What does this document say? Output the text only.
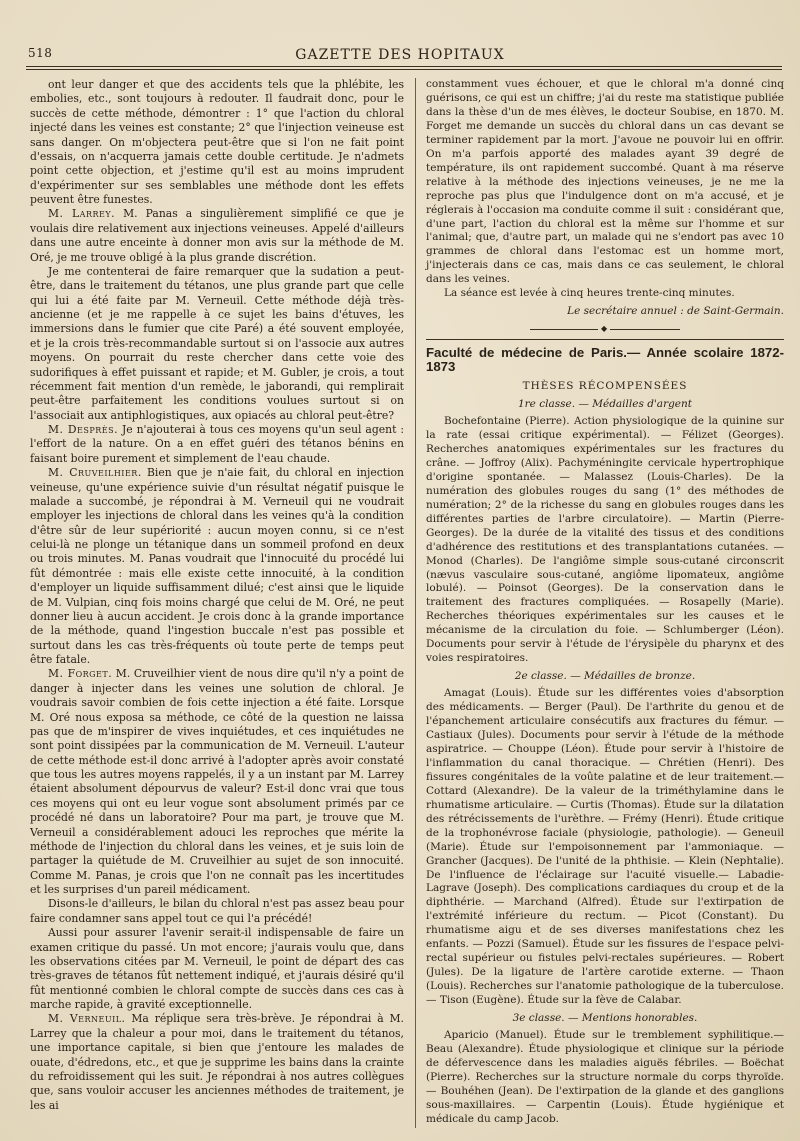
518	GAZETTE DES HOPITAUX

ont leur danger et que des accidents tels que la phlébite, les embolies, etc., sont toujours à redouter. Il faudrait donc, pour le succès de cette méthode, démontrer : 1° que l'action du chloral injecté dans les veines est constante; 2° que l'injection veineuse est sans danger. On m'objectera peut-être que si l'on ne fait point d'essais, on n'acquerra jamais cette double certitude. Je n'admets point cette objection, et j'estime qu'il est au moins imprudent d'expérimenter sur ses semblables une méthode dont les effets peuvent être funestes.

M. Larrey. M. Panas a singulièrement simplifié ce que je voulais dire relativement aux injections veineuses. Appelé d'ailleurs dans une autre enceinte à donner mon avis sur la méthode de M. Oré, je me trouve obligé à la plus grande discrétion.

Je me contenterai de faire remarquer que la sudation a peut-être, dans le traitement du tétanos, une plus grande part que celle qui lui a été faite par M. Verneuil. Cette méthode déjà très-ancienne (et je me rappelle à ce sujet les bains d'étuves, les immersions dans le fumier que cite Paré) a été souvent employée, et je la crois très-recommandable surtout si on l'associe aux autres moyens. On pourrait du reste chercher dans cette voie des sudorifiques à effet puissant et rapide; et M. Gubler, je crois, a tout récemment fait mention d'un remède, le jaborandi, qui remplirait peut-être parfaitement les conditions voulues surtout si on l'associait aux antiphlogistiques, aux opiacés au chloral peut-être?

M. Desprès. Je n'ajouterai à tous ces moyens qu'un seul agent : l'effort de la nature. On a en effet guéri des tétanos bénins en faisant boire purement et simplement de l'eau chaude.

M. Cruveilhier. Bien que je n'aie fait, du chloral en injection veineuse, qu'une expérience suivie d'un résultat négatif puisque le malade a succombé, je répondrai à M. Verneuil qui ne voudrait employer les injections de chloral dans les veines qu'à la condition d'être sûr de leur supériorité : aucun moyen connu, si ce n'est celui-là ne plonge un tétanique dans un sommeil profond en deux ou trois minutes. M. Panas voudrait que l'innocuité du procédé lui fût démontrée : mais elle existe cette innocuité, à la condition d'employer un liquide suffisamment dilué; c'est ainsi que le liquide de M. Vulpian, cinq fois moins chargé que celui de M. Oré, ne peut donner lieu à aucun accident. Je crois donc à la grande importance de la méthode, quand l'ingestion buccale n'est pas possible et surtout dans les cas très-fréquents où toute perte de temps peut être fatale.

M. Forget. M. Cruveilhier vient de nous dire qu'il n'y a point de danger à injecter dans les veines une solution de chloral. Je voudrais savoir combien de fois cette injection a été faite. Lorsque M. Oré nous exposa sa méthode, ce côté de la question ne laissa pas que de m'inspirer de vives inquiétudes, et ces inquiétudes ne sont point dissipées par la communication de M. Verneuil. L'auteur de cette méthode est-il donc arrivé à l'adopter après avoir constaté que tous les autres moyens rappelés, il y a un instant par M. Larrey étaient absolument dépourvus de valeur? Est-il donc vrai que tous ces moyens qui ont eu leur vogue sont absolument primés par ce procédé né dans un laboratoire? Pour ma part, je trouve que M. Verneuil a considérablement adouci les reproches que mérite la méthode de l'injection du chloral dans les veines, et je suis loin de partager la quiétude de M. Cruveilhier au sujet de son innocuité. Comme M. Panas, je crois que l'on ne connaît pas les incertitudes et les surprises d'un pareil médicament.

Disons-le d'ailleurs, le bilan du chloral n'est pas assez beau pour faire condamner sans appel tout ce qui l'a précédé!

Aussi pour assurer l'avenir serait-il indispensable de faire un examen critique du passé. Un mot encore; j'aurais voulu que, dans les observations citées par M. Verneuil, le point de départ des cas très-graves de tétanos fût nettement indiqué, et j'aurais désiré qu'il fût mentionné combien le chloral compte de succès dans ces cas à marche rapide, à gravité exceptionnelle.

M. Verneuil. Ma réplique sera très-brève. Je répondrai à M. Larrey que la chaleur a pour moi, dans le traitement du tétanos, une importance capitale, si bien que j'entoure les malades de ouate, d'édredons, etc., et que je supprime les bains dans la crainte du refroidissement qui les suit. Je répondrai à nos autres collègues que, sans vouloir accuser les anciennes méthodes de traitement, je les ai

constamment vues échouer, et que le chloral m'a donné cinq guérisons, ce qui est un chiffre; j'ai du reste ma statistique publiée dans la thèse d'un de mes élèves, le docteur Soubise, en 1870. M. Forget me demande un succès du chloral dans un cas devant se terminer rapidement par la mort. J'avoue ne pouvoir lui en offrir. On m'a parfois apporté des malades ayant 39 degré de température, ils ont rapidement succombé. Quant à ma réserve relative à la méthode des injections veineuses, je ne me la reproche pas plus que l'indulgence dont on m'a accusé, et je réglerais à l'occasion ma conduite comme il suit : considérant que, d'une part, l'action du chloral est la même sur l'homme et sur l'animal; que, d'autre part, un malade qui ne s'endort pas avec 10 grammes de chloral dans l'estomac est un homme mort, j'injecterais dans ce cas, mais dans ce cas seulement, le chloral dans les veines.

La séance est levée à cinq heures trente-cinq minutes.

Le secrétaire annuel : de Saint-Germain.
◆

Faculté de médecine de Paris.— Année scolaire 1872-1873

THÈSES RÉCOMPENSÉES

1re classe. — Médailles d'argent

Bochefontaine (Pierre). Action physiologique de la quinine sur la rate (essai critique expérimental). — Félizet (Georges). Recherches anatomiques expérimentales sur les fractures du crâne. — Joffroy (Alix). Pachyméningite cervicale hypertrophique d'origine spontanée. — Malassez (Louis-Charles). De la numération des globules rouges du sang (1° des méthodes de numération; 2° de la richesse du sang en globules rouges dans les différentes parties de l'arbre circulatoire). — Martin (Pierre-Georges). De la durée de la vitalité des tissus et des conditions d'adhérence des restitutions et des transplantations cutanées. — Monod (Charles). De l'angiôme simple sous-cutané circonscrit (nævus vasculaire sous-cutané, angiôme lipomateux, angiôme lobulé). — Poinsot (Georges). De la conservation dans le traitement des fractures compliquées. — Rosapelly (Marie). Recherches théoriques expérimentales sur les causes et le mécanisme de la circulation du foie. — Schlumberger (Léon). Documents pour servir à l'étude de l'érysipèle du pharynx et des voies respiratoires.

2e classe. — Médailles de bronze.

Amagat (Louis). Étude sur les différentes voies d'absorption des médicaments. — Berger (Paul). De l'arthrite du genou et de l'épanchement articulaire consécutifs aux fractures du fémur. — Castiaux (Jules). Documents pour servir à l'étude de la méthode aspiratrice. — Chouppe (Léon). Étude pour servir à l'histoire de l'inflammation du canal thoracique. — Chrétien (Henri). Des fissures congénitales de la voûte palatine et de leur traitement.— Cottard (Alexandre). De la valeur de la triméthylamine dans le rhumatisme articulaire. — Curtis (Thomas). Étude sur la dilatation des rétrécissements de l'urèthre. — Frémy (Henri). Étude critique de la trophonévrose faciale (physiologie, pathologie). — Geneuil (Marie). Étude sur l'empoisonnement par l'ammoniaque. — Grancher (Jacques). De l'unité de la phthisie. — Klein (Nephtalie). De l'influence de l'éclairage sur l'acuité visuelle.— Labadie-Lagrave (Joseph). Des complications cardiaques du croup et de la diphthérie. — Marchand (Alfred). Étude sur l'extirpation de l'extrémité inférieure du rectum. — Picot (Constant). Du rhumatisme aigu et de ses diverses manifestations chez les enfants. — Pozzi (Samuel). Étude sur les fissures de l'espace pelvi-rectal supérieur ou fistules pelvi-rectales supérieures. — Robert (Jules). De la ligature de l'artère carotide externe. — Thaon (Louis). Recherches sur l'anatomie pathologique de la tuberculose. — Tison (Eugène). Étude sur la fève de Calabar.

3e classe. — Mentions honorables.

Aparicio (Manuel). Étude sur le tremblement syphilitique.— Beau (Alexandre). Étude physiologique et clinique sur la période de défervescence dans les maladies aiguës fébriles. — Boëchat (Pierre). Recherches sur la structure normale du corps thyroïde. — Bouhéhen (Jean). De l'extirpation de la glande et des ganglions sous-maxillaires. — Carpentin (Louis). Étude hygiénique et médicale du camp Jacob.
